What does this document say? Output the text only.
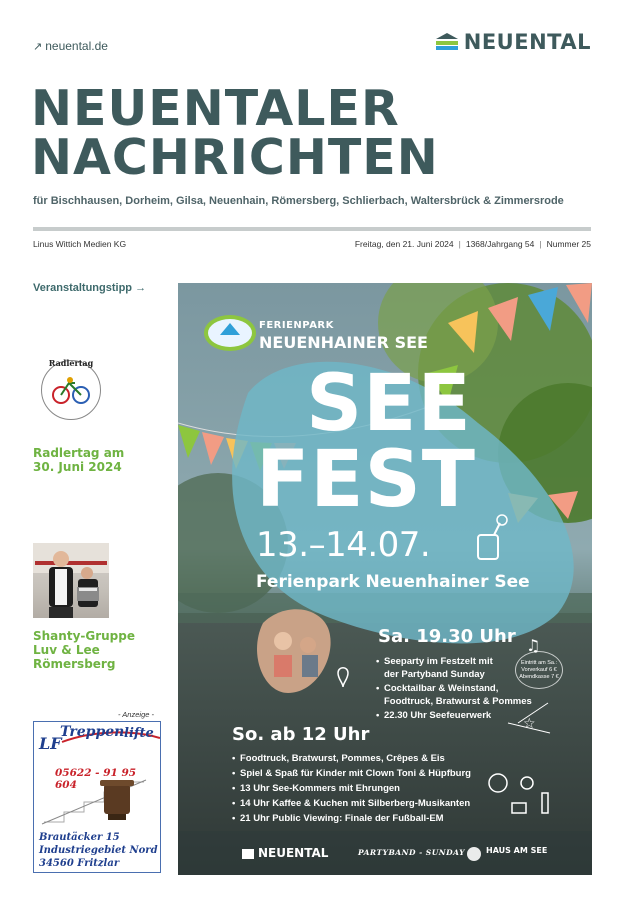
↗ neuental.de	NEUENTAL
NEUENTALER
NACHRICHTEN
für Bischhausen, Dorheim, Gilsa, Neuenhain, Römersberg, Schlierbach, Waltersbrück & Zimmersrode
Linus Wittich Medien KG	Freitag, den 21. Juni 2024 | 1368/Jahrgang 54 | Nummer 25
Veranstaltungstipp →
Radlertag
Radlertag am
30. Juni 2024
Shanty-Gruppe
Luv & Lee
Römersberg
- Anzeige -
Treppen lifte
LF
05622 - 91 95 604
Brautäcker 15
Industriegebiet Nord
34560 Fritzlar
♫
☆
FERIENPARK
NEUENHAINER SEE
SEE
FEST
13.–14.07.
Ferienpark Neuenhainer See
Sa. 19.30 Uhr
• Seeparty im Festzelt mit der Partyband Sunday
• Cocktailbar & Weinstand, Foodtruck, Bratwurst & Pommes
• 22.30 Uhr Seefeuerwerk
Eintritt am Sa.:
Vorverkauf 6 €
Abendkasse 7 €
So. ab 12 Uhr
• Foodtruck, Bratwurst, Pommes, Crêpes & Eis
• Spiel & Spaß für Kinder mit Clown Toni & Hüpfburg
• 13 Uhr See-Kommers mit Ehrungen
• 14 Uhr Kaffee & Kuchen mit Silberberg-Musikanten
• 21 Uhr Public Viewing: Finale der Fußball-EM
NEUENTAL	PARTYBAND - SUNDAY	HAUS AM SEE
